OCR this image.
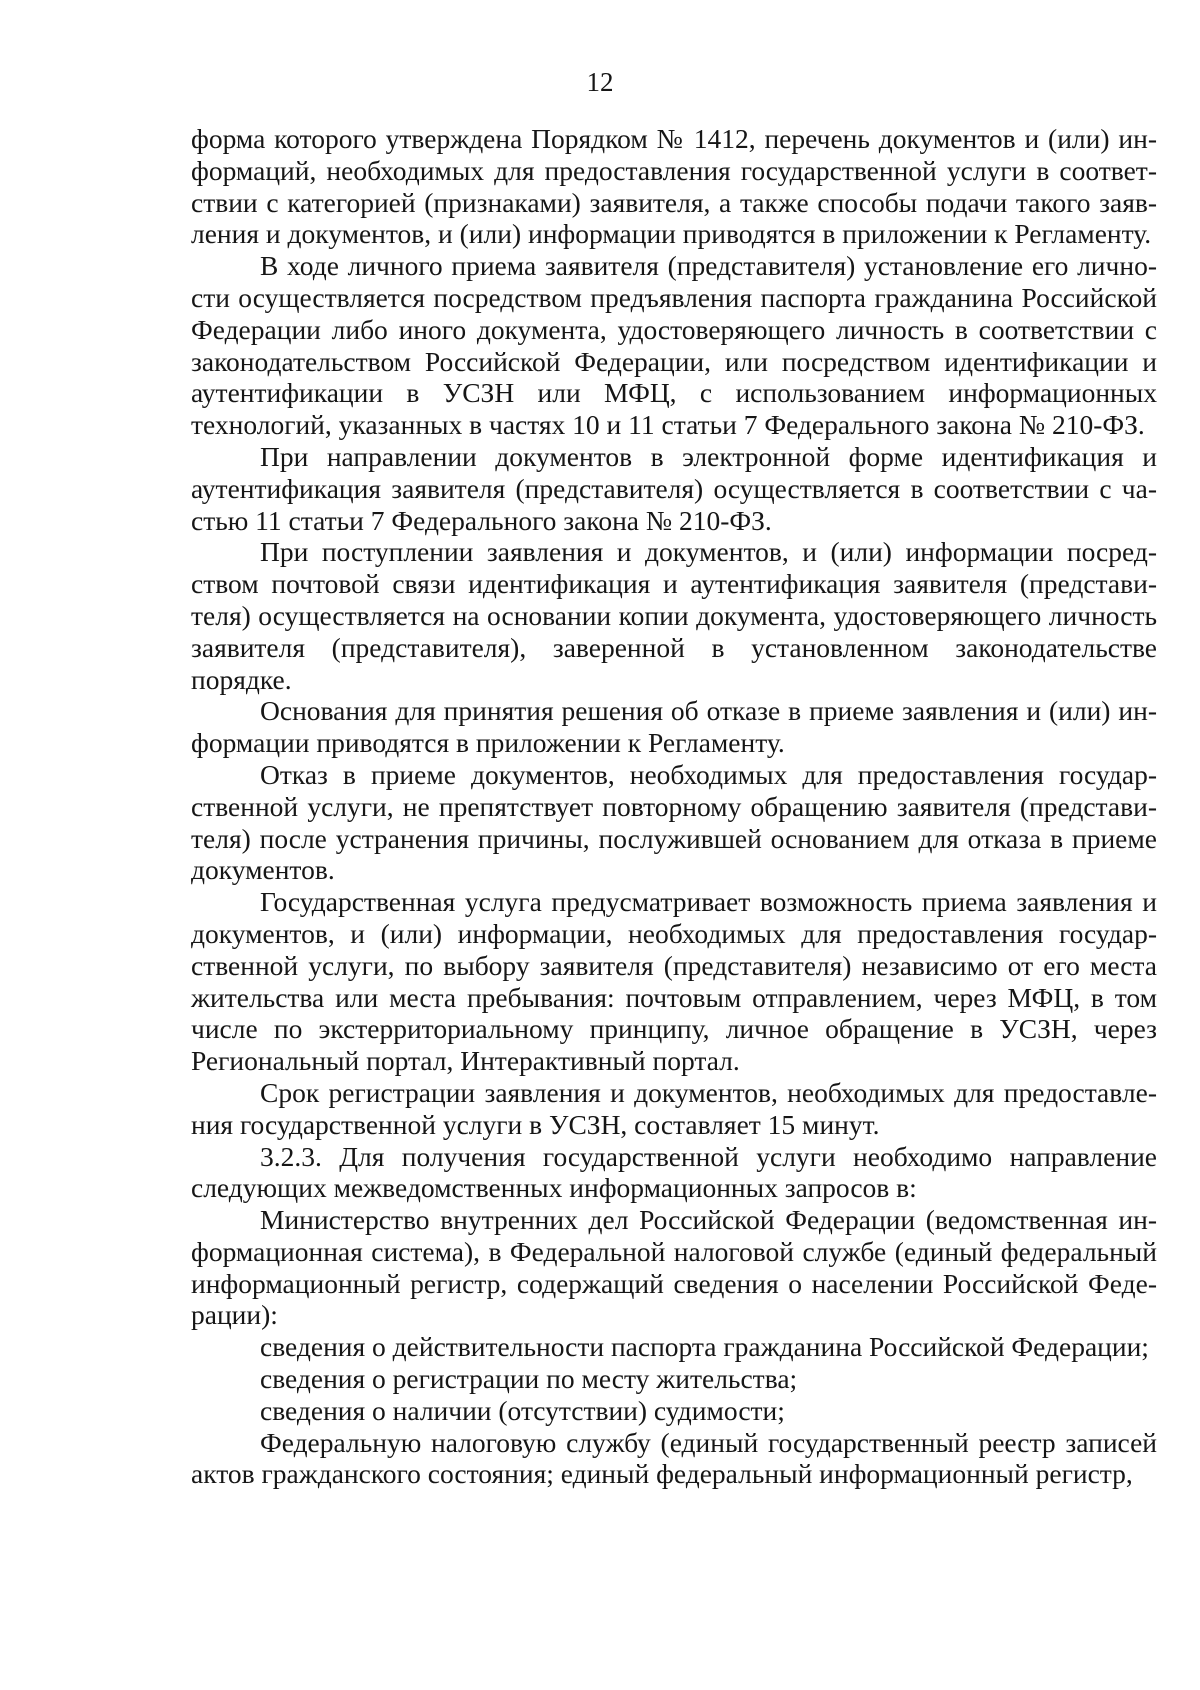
12

форма которого утверждена Порядком № 1412, перечень документов и (или) информаций, необходимых для предоставления государственной услуги в соответствии с категорией (признаками) заявителя, а также способы подачи такого заявления и документов, и (или) информации приводятся в приложении к Регламенту.

В ходе личного приема заявителя (представителя) установление его личности осуществляется посредством предъявления паспорта гражданина Российской Федерации либо иного документа, удостоверяющего личность в соответствии с законодательством Российской Федерации, или посредством идентификации и аутентификации в УСЗН или МФЦ, с использованием информационных технологий, указанных в частях 10 и 11 статьи 7 Федерального закона № 210-ФЗ.

При направлении документов в электронной форме идентификация и аутентификация заявителя (представителя) осуществляется в соответствии с частью 11 статьи 7 Федерального закона № 210-ФЗ.

При поступлении заявления и документов, и (или) информации посредством почтовой связи идентификация и аутентификация заявителя (представителя) осуществляется на основании копии документа, удостоверяющего личность заявителя (представителя), заверенной в установленном законодательстве порядке.

Основания для принятия решения об отказе в приеме заявления и (или) информации приводятся в приложении к Регламенту.

Отказ в приеме документов, необходимых для предоставления государственной услуги, не препятствует повторному обращению заявителя (представителя) после устранения причины, послужившей основанием для отказа в приеме документов.

Государственная услуга предусматривает возможность приема заявления и документов, и (или) информации, необходимых для предоставления государственной услуги, по выбору заявителя (представителя) независимо от его места жительства или места пребывания: почтовым отправлением, через МФЦ, в том числе по экстерриториальному принципу, личное обращение в УСЗН, через Региональный портал, Интерактивный портал.

Срок регистрации заявления и документов, необходимых для предоставления государственной услуги в УСЗН, составляет 15 минут.

3.2.3. Для получения государственной услуги необходимо направление следующих межведомственных информационных запросов в:

Министерство внутренних дел Российской Федерации (ведомственная информационная система), в Федеральной налоговой службе (единый федеральный информационный регистр, содержащий сведения о населении Российской Федерации):

сведения о действительности паспорта гражданина Российской Федерации;

сведения о регистрации по месту жительства;

сведения о наличии (отсутствии) судимости;

Федеральную налоговую службу (единый государственный реестр записей актов гражданского состояния; единый федеральный информационный регистр,
